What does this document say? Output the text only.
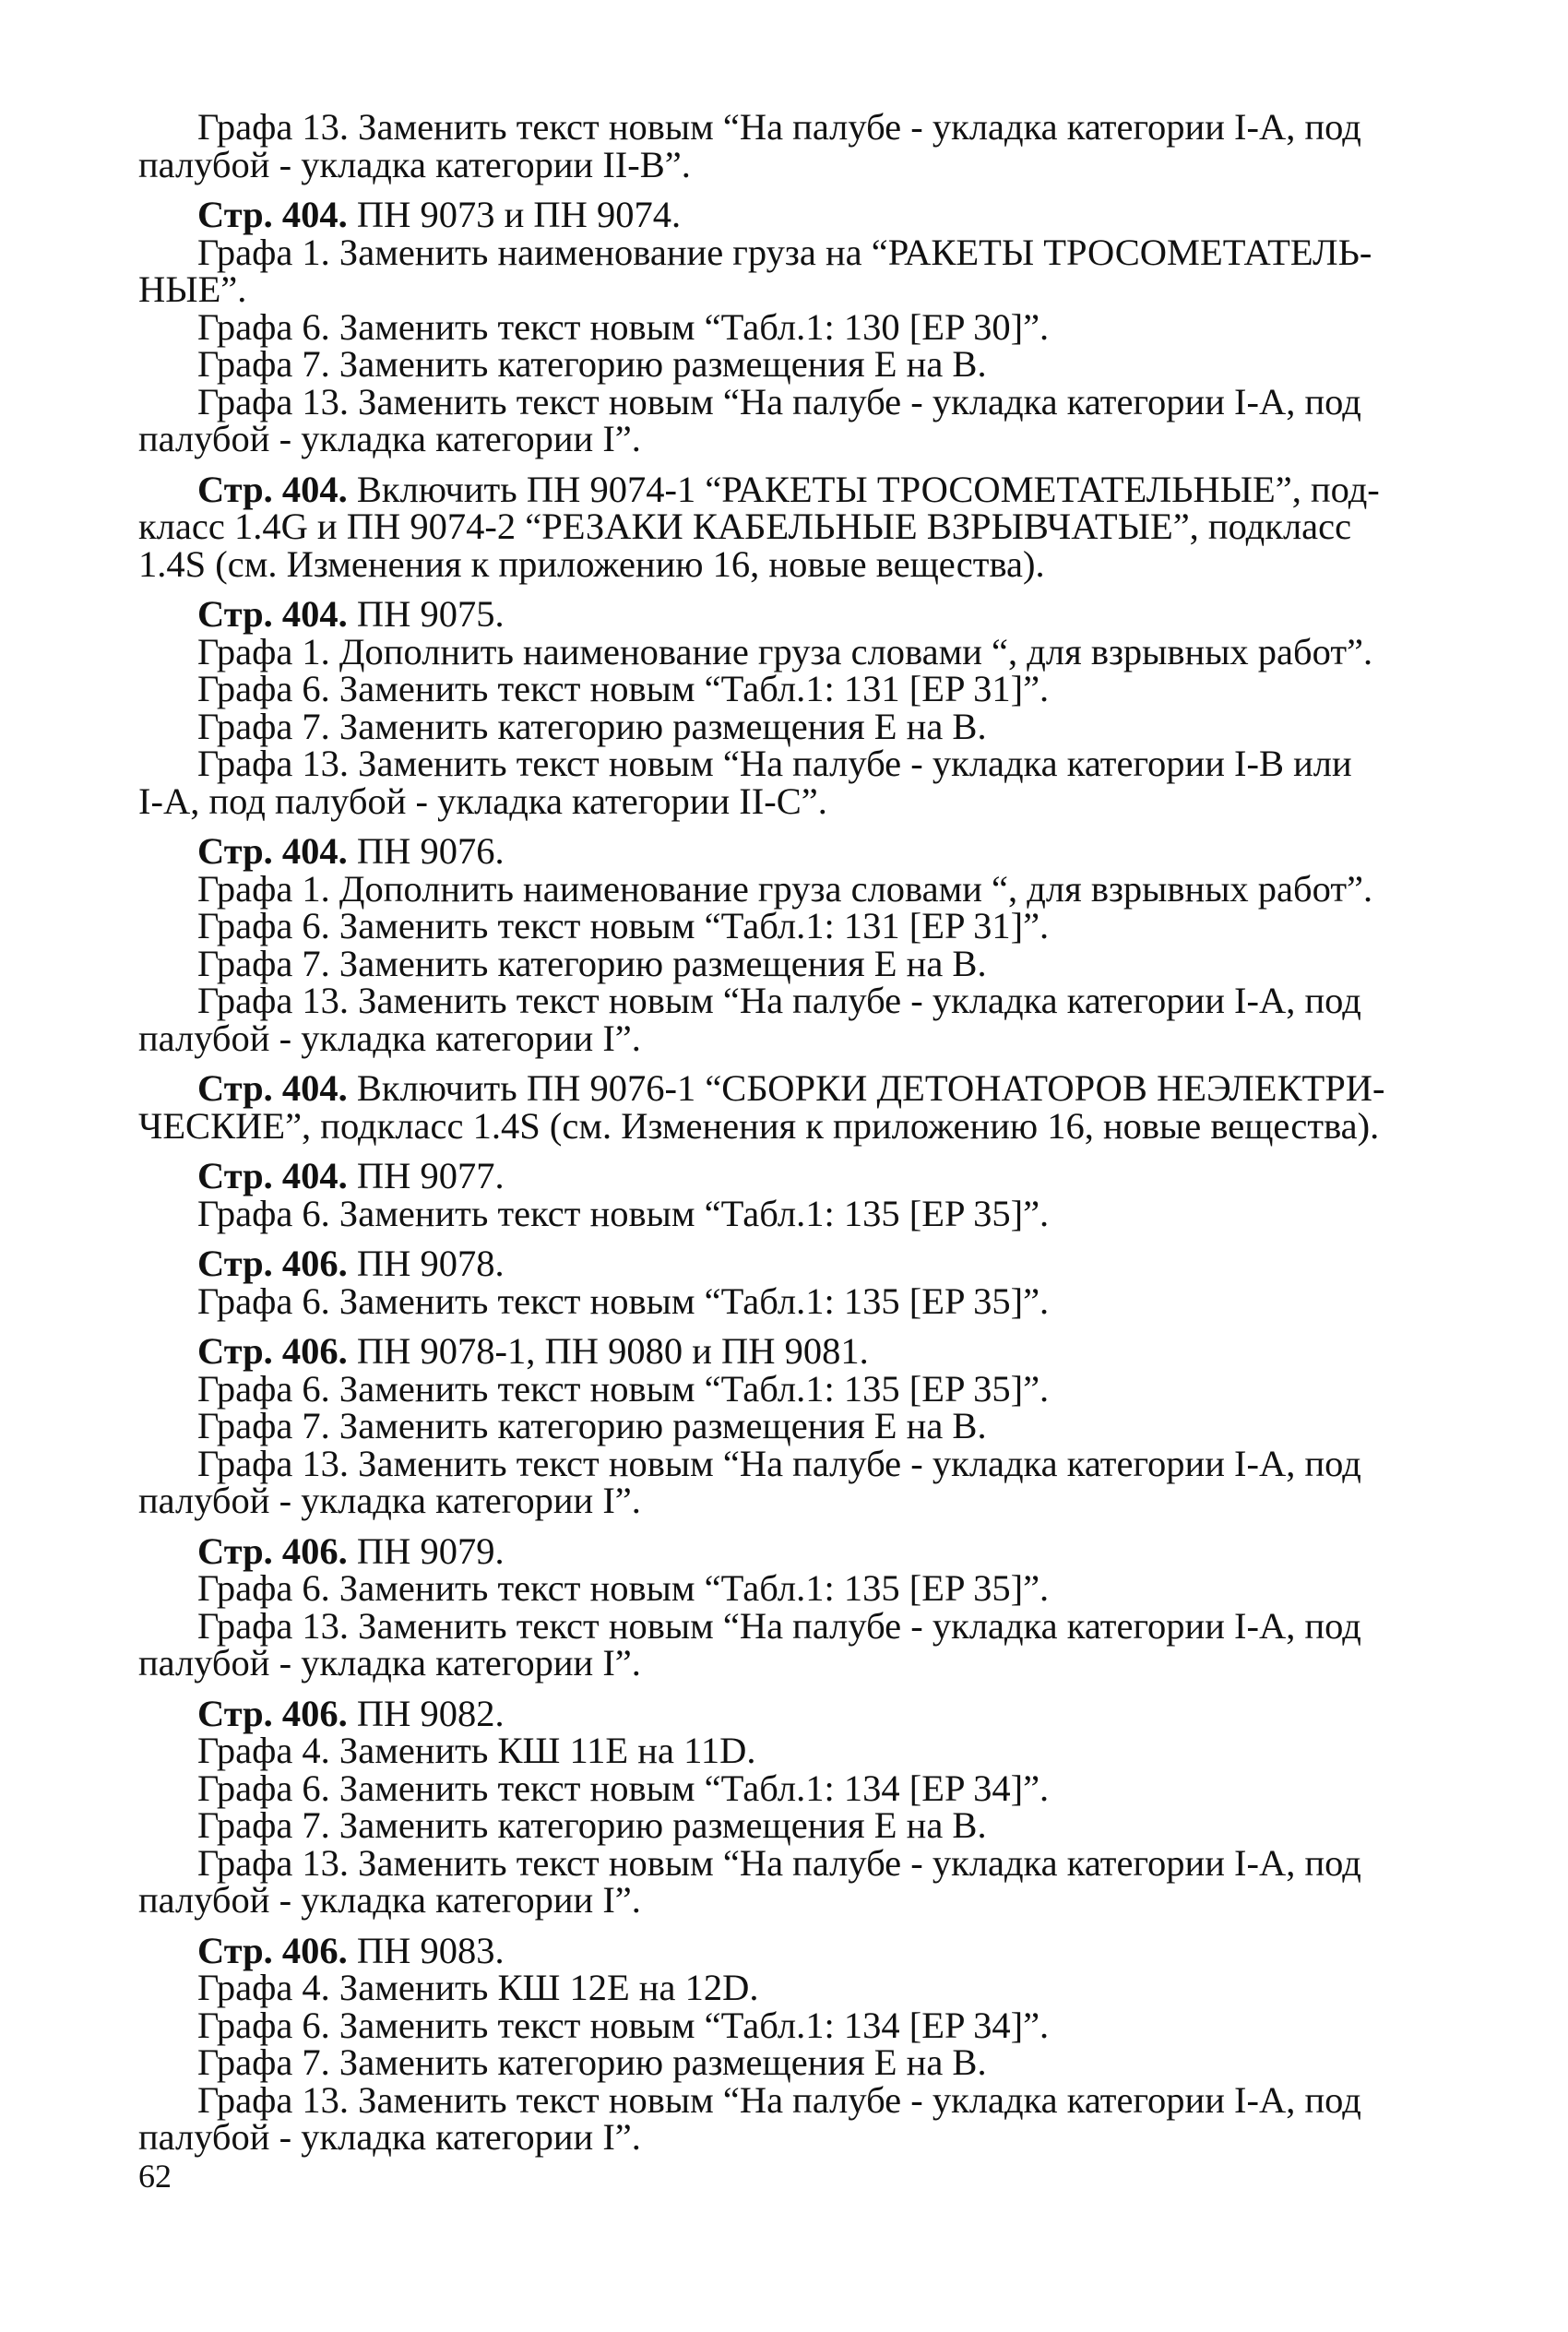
Графа 13. Заменить текст новым “На палубе - укладка категории I-A, под
палубой - укладка категории II-B”.
Стр. 404. ПН 9073 и ПН 9074.
Графа 1. Заменить наименование груза на “РАКЕТЫ ТРОСОМЕТАТЕЛЬ-
НЫЕ”.
Графа 6. Заменить текст новым “Табл.1: 130 [EP 30]”.
Графа 7. Заменить категорию размещения E на B.
Графа 13. Заменить текст новым “На палубе - укладка категории I-A, под
палубой - укладка категории I”.
Стр. 404. Включить ПН 9074-1 “РАКЕТЫ ТРОСОМЕТАТЕЛЬНЫЕ”, под-
класс 1.4G и ПН 9074-2 “РЕЗАКИ КАБЕЛЬНЫЕ ВЗРЫВЧАТЫЕ”, подкласс
1.4S (см. Изменения к приложению 16, новые вещества).
Стр. 404. ПН 9075.
Графа 1. Дополнить наименование груза словами “, для взрывных работ”.
Графа 6. Заменить текст новым “Табл.1: 131 [EP 31]”.
Графа 7. Заменить категорию размещения E на B.
Графа 13. Заменить текст новым “На палубе - укладка категории I-B или
I-A, под палубой - укладка категории II-C”.
Стр. 404. ПН 9076.
Графа 1. Дополнить наименование груза словами “, для взрывных работ”.
Графа 6. Заменить текст новым “Табл.1: 131 [EP 31]”.
Графа 7. Заменить категорию размещения E на B.
Графа 13. Заменить текст новым “На палубе - укладка категории I-A, под
палубой - укладка категории I”.
Стр. 404. Включить ПН 9076-1 “СБОРКИ ДЕТОНАТОРОВ НЕЭЛЕКТРИ-
ЧЕСКИЕ”, подкласс 1.4S (см. Изменения к приложению 16, новые вещества).
Стр. 404. ПН 9077.
Графа 6. Заменить текст новым “Табл.1: 135 [EP 35]”.
Стр. 406. ПН 9078.
Графа 6. Заменить текст новым “Табл.1: 135 [EP 35]”.
Стр. 406. ПН 9078-1, ПН 9080 и ПН 9081.
Графа 6. Заменить текст новым “Табл.1: 135 [EP 35]”.
Графа 7. Заменить категорию размещения E на B.
Графа 13. Заменить текст новым “На палубе - укладка категории I-A, под
палубой - укладка категории I”.
Стр. 406. ПН 9079.
Графа 6. Заменить текст новым “Табл.1: 135 [EP 35]”.
Графа 13. Заменить текст новым “На палубе - укладка категории I-A, под
палубой - укладка категории I”.
Стр. 406. ПН 9082.
Графа 4. Заменить КШ 11E на 11D.
Графа 6. Заменить текст новым “Табл.1: 134 [EP 34]”.
Графа 7. Заменить категорию размещения E на B.
Графа 13. Заменить текст новым “На палубе - укладка категории I-A, под
палубой - укладка категории I”.
Стр. 406. ПН 9083.
Графа 4. Заменить КШ 12E на 12D.
Графа 6. Заменить текст новым “Табл.1: 134 [EP 34]”.
Графа 7. Заменить категорию размещения E на B.
Графа 13. Заменить текст новым “На палубе - укладка категории I-A, под
палубой - укладка категории I”.
62
